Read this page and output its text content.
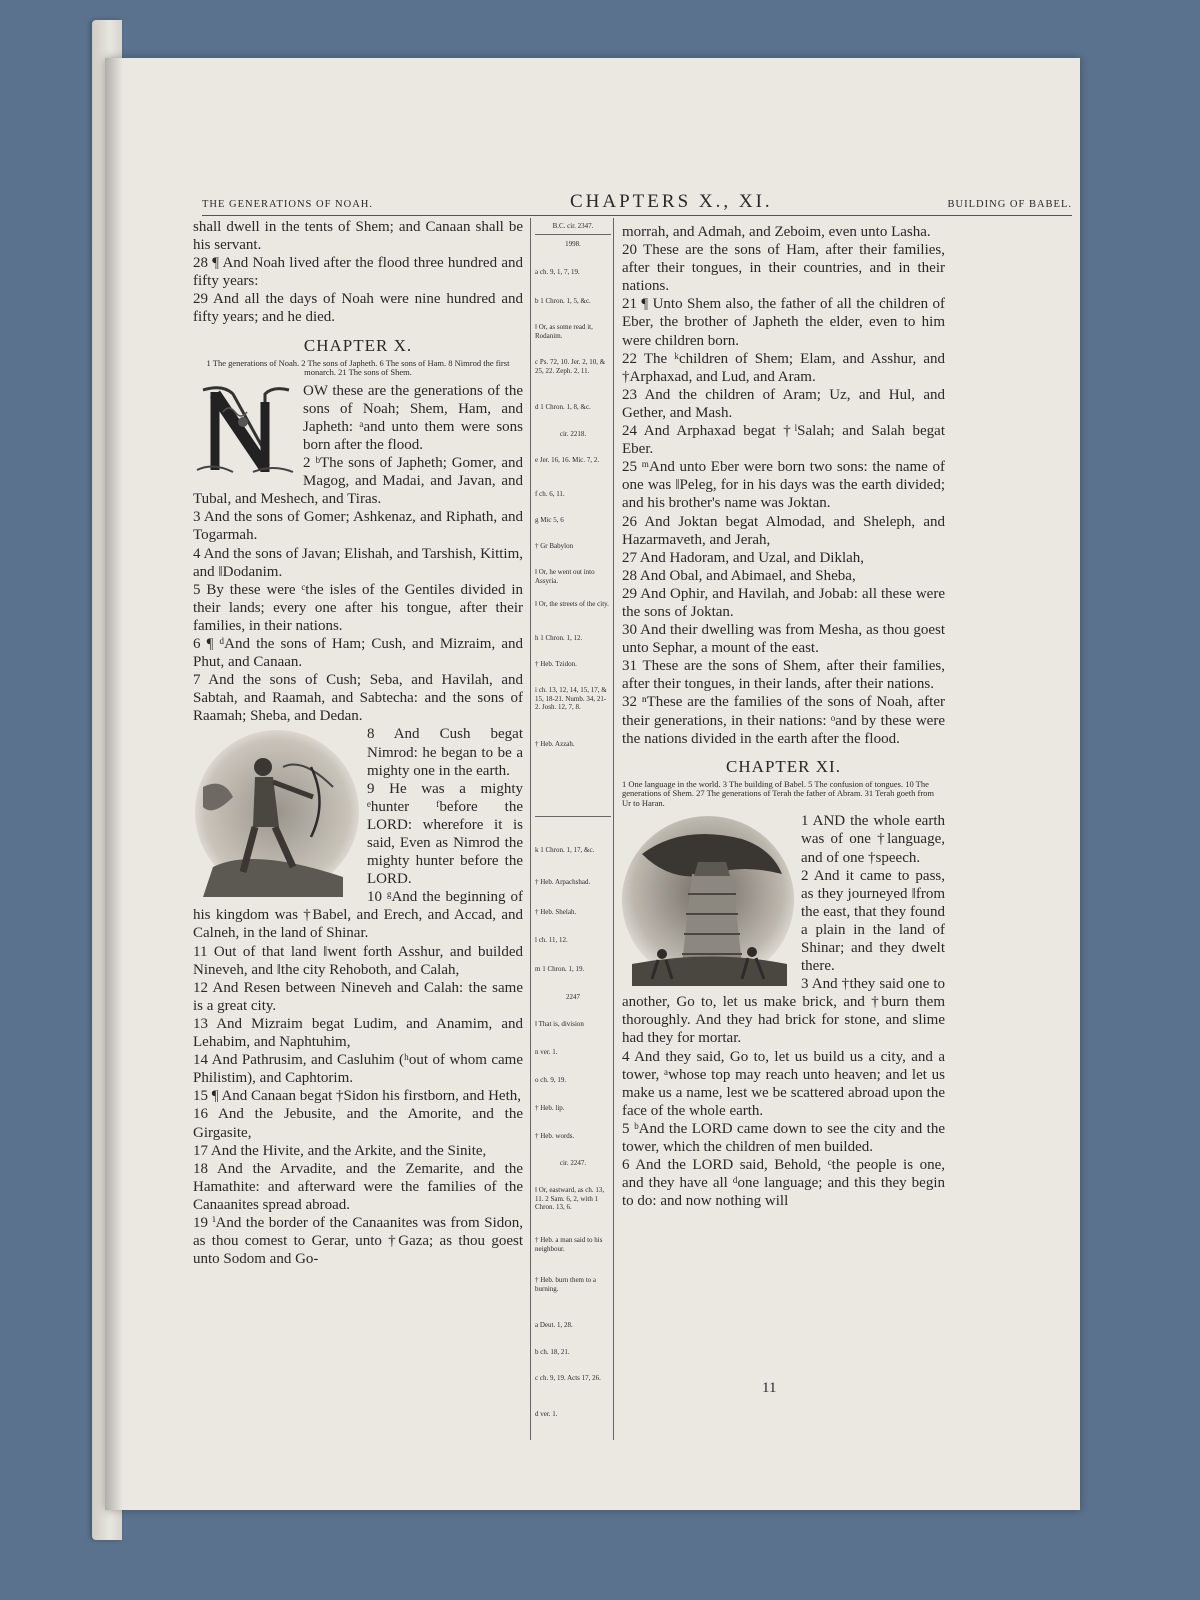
THE GENERATIONS OF NOAH.	CHAPTERS X., XI.	BUILDING OF BABEL.

shall dwell in the tents of Shem; and Canaan shall be his servant.

28 ¶ And Noah lived after the flood three hundred and fifty years:

29 And all the days of Noah were nine hundred and fifty years; and he died.

CHAPTER X.
1 The generations of Noah. 2 The sons of Japheth. 6 The sons of Ham. 8 Nimrod the first monarch. 21 The sons of Shem.

OW these are the generations of the sons of Noah; Shem, Ham, and Japheth: ᵃand unto them were sons born after the flood.

2 ᵇThe sons of Japheth; Gomer, and Magog, and Madai, and Javan, and Tubal, and Meshech, and Tiras.

3 And the sons of Gomer; Ashkenaz, and Riphath, and Togarmah.

4 And the sons of Javan; Elishah, and Tarshish, Kittim, and ‖Dodanim.

5 By these were ᶜthe isles of the Gentiles divided in their lands; every one after his tongue, after their families, in their nations.

6 ¶ ᵈAnd the sons of Ham; Cush, and Mizraim, and Phut, and Canaan.

7 And the sons of Cush; Seba, and Havilah, and Sabtah, and Raamah, and Sabtecha: and the sons of Raamah; Sheba, and Dedan.

8 And Cush begat Nimrod: he began to be a mighty one in the earth.

9 He was a mighty ᵉhunter ᶠbefore the LORD: wherefore it is said, Even as Nimrod the mighty hunter before the LORD.

10 ᵍAnd the beginning of his kingdom was †Babel, and Erech, and Accad, and Calneh, in the land of Shinar.

11 Out of that land ‖went forth Asshur, and builded Nineveh, and ‖the city Rehoboth, and Calah,

12 And Resen between Nineveh and Calah: the same is a great city.

13 And Mizraim begat Ludim, and Anamim, and Lehabim, and Naphtuhim,

14 And Pathrusim, and Casluhim (ʰout of whom came Philistim), and Caphtorim.

15 ¶ And Canaan begat †Sidon his firstborn, and Heth,

16 And the Jebusite, and the Amorite, and the Girgasite,

17 And the Hivite, and the Arkite, and the Sinite,

18 And the Arvadite, and the Zemarite, and the Hamathite: and afterward were the families of the Canaanites spread abroad.

19 ⁱAnd the border of the Canaanites was from Sidon, as thou comest to Gerar, unto †Gaza; as thou goest unto Sodom and Go-

B.C. cir. 2347.
1998.
a ch. 9, 1, 7, 19.
b 1 Chron. 1, 5, &c.
‖ Or, as some read it, Rodanim.
c Ps. 72, 10. Jer. 2, 10, & 25, 22. Zeph. 2, 11.
d 1 Chron. 1, 8, &c.
cir. 2218.
e Jer. 16, 16. Mic. 7, 2.
f ch. 6, 11.
g Mic 5, 6
† Gr Babylon
‖ Or, he went out into Assyria.
‖ Or, the streets of the city.
h 1 Chron. 1, 12.
† Heb. Tzidon.
i ch. 13, 12, 14, 15, 17, & 15, 18-21. Numb. 34, 21-2. Josh. 12, 7, 8.
† Heb. Azzah.
k 1 Chron. 1, 17, &c.
† Heb. Arpachshad.
† Heb. Shelah.
l ch. 11, 12.
m 1 Chron. 1, 19.
2247
‖ That is, division
n ver. 1.
o ch. 9, 19.
† Heb. lip.
† Heb. words.
cir. 2247.
‖ Or, eastward, as ch. 13, 11. 2 Sam. 6, 2, with 1 Chron. 13, 6.
† Heb. a man said to his neighbour.
† Heb. burn them to a burning.
a Deut. 1, 28.
b ch. 18, 21.
c ch. 9, 19. Acts 17, 26.
d ver. 1.

morrah, and Admah, and Zeboim, even unto Lasha.

20 These are the sons of Ham, after their families, after their tongues, in their countries, and in their nations.

21 ¶ Unto Shem also, the father of all the children of Eber, the brother of Japheth the elder, even to him were children born.

22 The ᵏchildren of Shem; Elam, and Asshur, and †Arphaxad, and Lud, and Aram.

23 And the children of Aram; Uz, and Hul, and Gether, and Mash.

24 And Arphaxad begat †ˡSalah; and Salah begat Eber.

25 ᵐAnd unto Eber were born two sons: the name of one was ‖Peleg, for in his days was the earth divided; and his brother's name was Joktan.

26 And Joktan begat Almodad, and Sheleph, and Hazarmaveth, and Jerah,

27 And Hadoram, and Uzal, and Diklah,

28 And Obal, and Abimael, and Sheba,

29 And Ophir, and Havilah, and Jobab: all these were the sons of Joktan.

30 And their dwelling was from Mesha, as thou goest unto Sephar, a mount of the east.

31 These are the sons of Shem, after their families, after their tongues, in their lands, after their nations.

32 ⁿThese are the families of the sons of Noah, after their generations, in their nations: ᵒand by these were the nations divided in the earth after the flood.

CHAPTER XI.
1 One language in the world. 3 The building of Babel. 5 The confusion of tongues. 10 The generations of Shem. 27 The generations of Terah the father of Abram. 31 Terah goeth from Ur to Haran.

1 AND the whole earth was of one †language, and of one †speech.

2 And it came to pass, as they journeyed ‖from the east, that they found a plain in the land of Shinar; and they dwelt there.

3 And †they said one to another, Go to, let us make brick, and †burn them thoroughly. And they had brick for stone, and slime had they for mortar.

4 And they said, Go to, let us build us a city, and a tower, ᵃwhose top may reach unto heaven; and let us make us a name, lest we be scattered abroad upon the face of the whole earth.

5 ᵇAnd the LORD came down to see the city and the tower, which the children of men builded.

6 And the LORD said, Behold, ᶜthe people is one, and they have all ᵈone language; and this they begin to do: and now nothing will

11
